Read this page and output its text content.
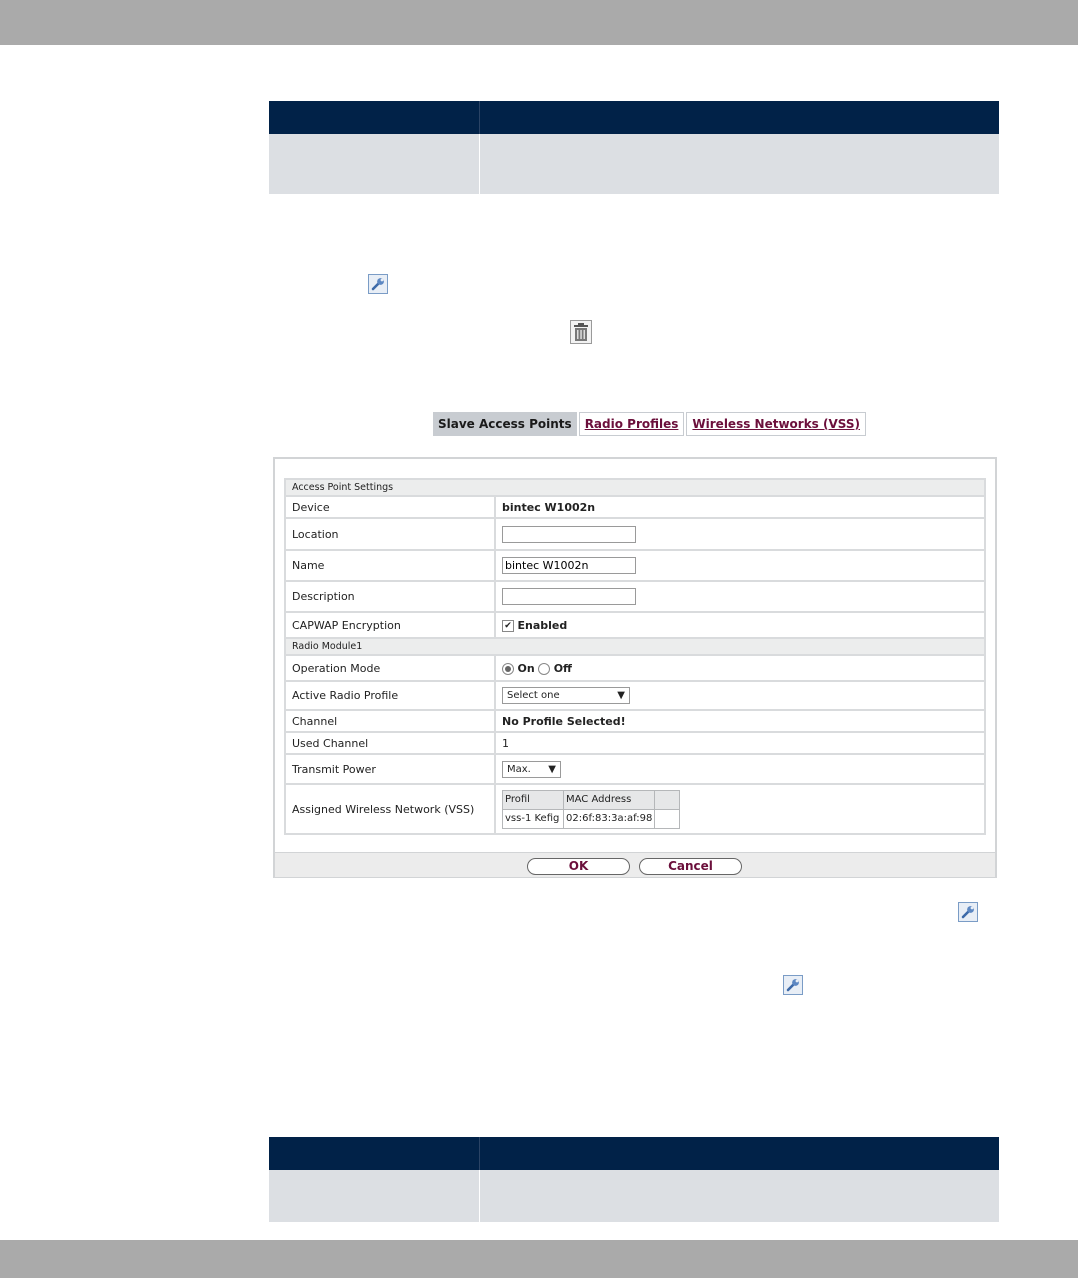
Slave Access Points	Radio Profiles	Wireless Networks (VSS)
Access Point Settings
Device	bintec W1002n
Location	
Name	bintec W1002n
Description	
CAPWAP Encryption	✔ Enabled
Radio Module1
Operation Mode	On Off
Active Radio Profile	Select one	▼

Channel	No Profile Selected!
Used Channel	1
Transmit Power	Max. ▼

Assigned Wireless Network (VSS)	
Profil	MAC Address	
vss-1 Kefig	02:6f:83:3a:af:98	
OK	Cancel
